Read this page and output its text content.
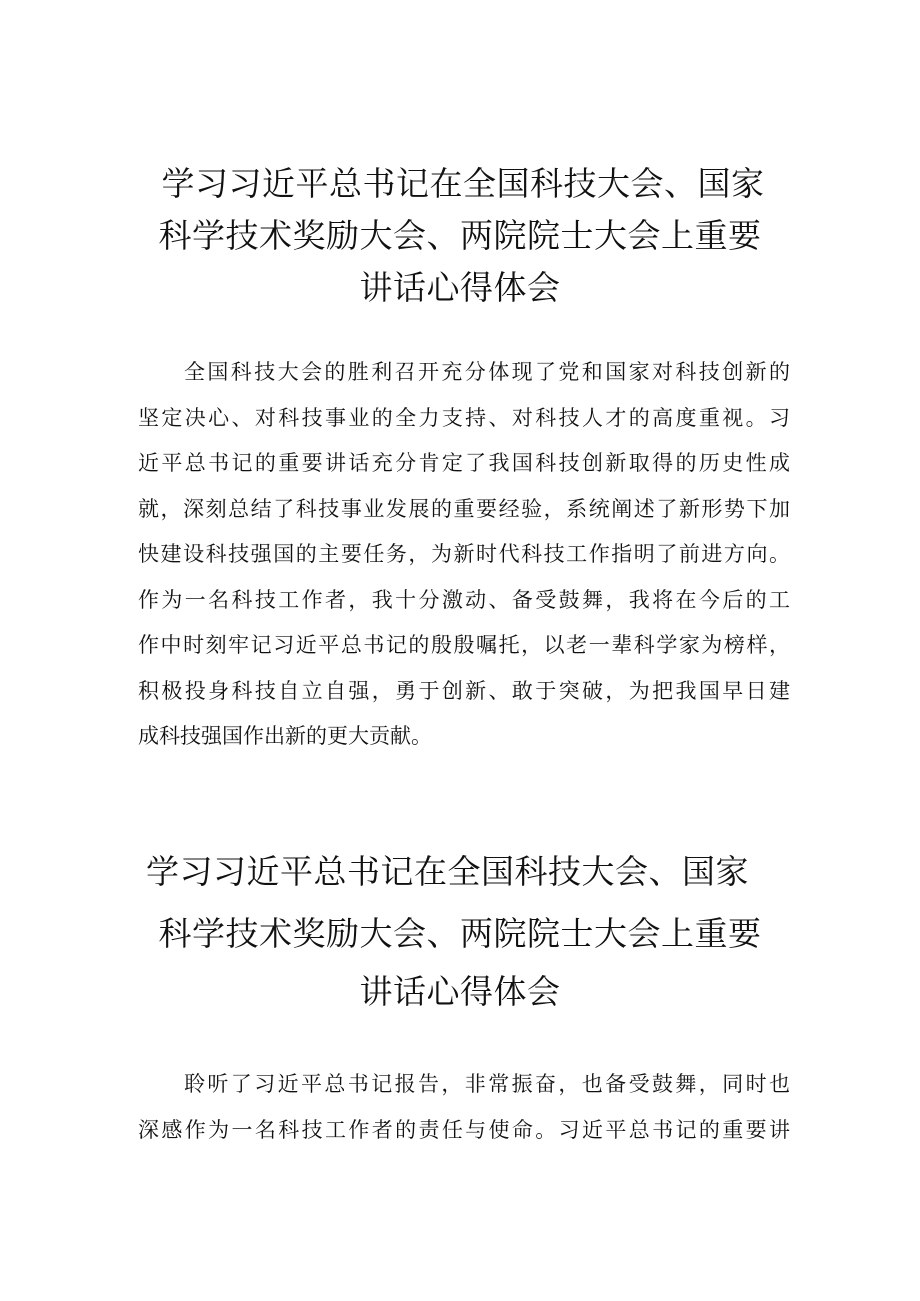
学习习近平总书记在全国科技大会、国家
科学技术奖励大会、两院院士大会上重要
讲话心得体会

全国科技大会的胜利召开充分体现了党和国家对科技创新的
坚定决心、对科技事业的全力支持、对科技人才的高度重视。习
近平总书记的重要讲话充分肯定了我国科技创新取得的历史性成
就，深刻总结了科技事业发展的重要经验，系统阐述了新形势下加
快建设科技强国的主要任务，为新时代科技工作指明了前进方向。
作为一名科技工作者，我十分激动、备受鼓舞，我将在今后的工
作中时刻牢记习近平总书记的殷殷嘱托，以老一辈科学家为榜样，
积极投身科技自立自强，勇于创新、敢于突破，为把我国早日建
成科技强国作出新的更大贡献。

学习习近平总书记在全国科技大会、国家
科学技术奖励大会、两院院士大会上重要
讲话心得体会

聆听了习近平总书记报告，非常振奋，也备受鼓舞，同时也
深感作为一名科技工作者的责任与使命。习近平总书记的重要讲
